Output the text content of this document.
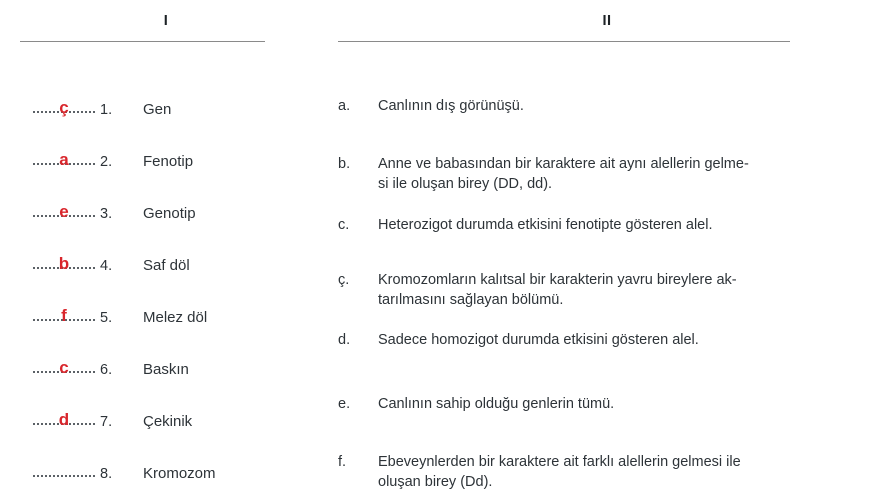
I
ç	1.	Gen
a	2.	Fenotip
e	3.	Genotip
b	4.	Saf döl
f	5.	Melez döl
c	6.	Baskın
d	7.	Çekinik
8.	Kromozom
II
a.	Canlının dış görünüşü.
b.	Anne ve babasından bir karaktere ait aynı alellerin gelme-
si ile oluşan birey (DD, dd).
c.	Heterozigot durumda etkisini fenotipte gösteren alel.
ç.	Kromozomların kalıtsal bir karakterin yavru bireylere ak-
tarılmasını sağlayan bölümü.
d.	Sadece homozigot durumda etkisini gösteren alel.
e.	Canlının sahip olduğu genlerin tümü.
f.	Ebeveynlerden bir karaktere ait farklı alellerin gelmesi ile
oluşan birey (Dd).
